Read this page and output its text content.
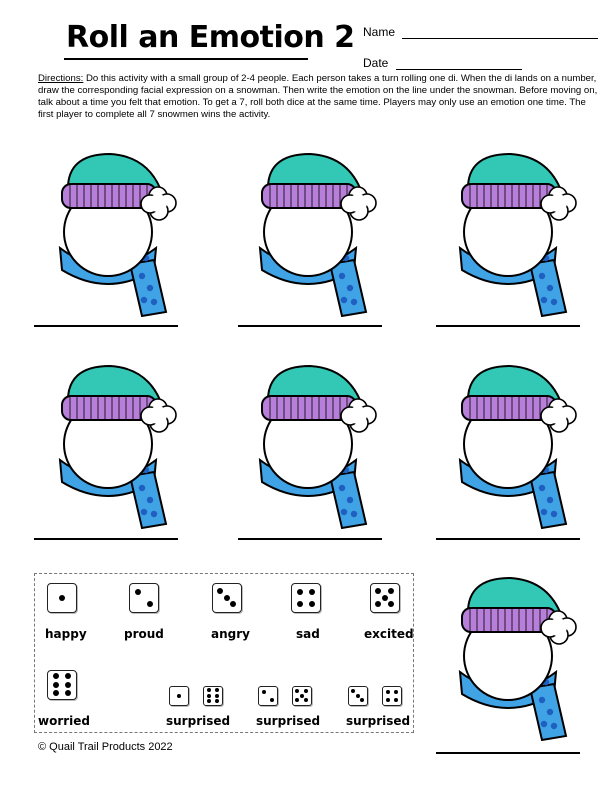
Roll an Emotion 2 Name
Date
Directions: Do this activity with a small group of 2-4 people. Each person takes a turn rolling one di. When the di lands on a number, draw the corresponding facial expression on a snowman. Then write the emotion on the line under the snowman. Before moving on, talk about a time you felt that emotion. To get a 7, roll both dice at the same time. Players may only use an emotion one time. The first player to complete all 7 snowmen wins the activity.
happy	proud	angry	sad	excited
worried	surprised surprised surprised
© Quail Trail Products 2022
